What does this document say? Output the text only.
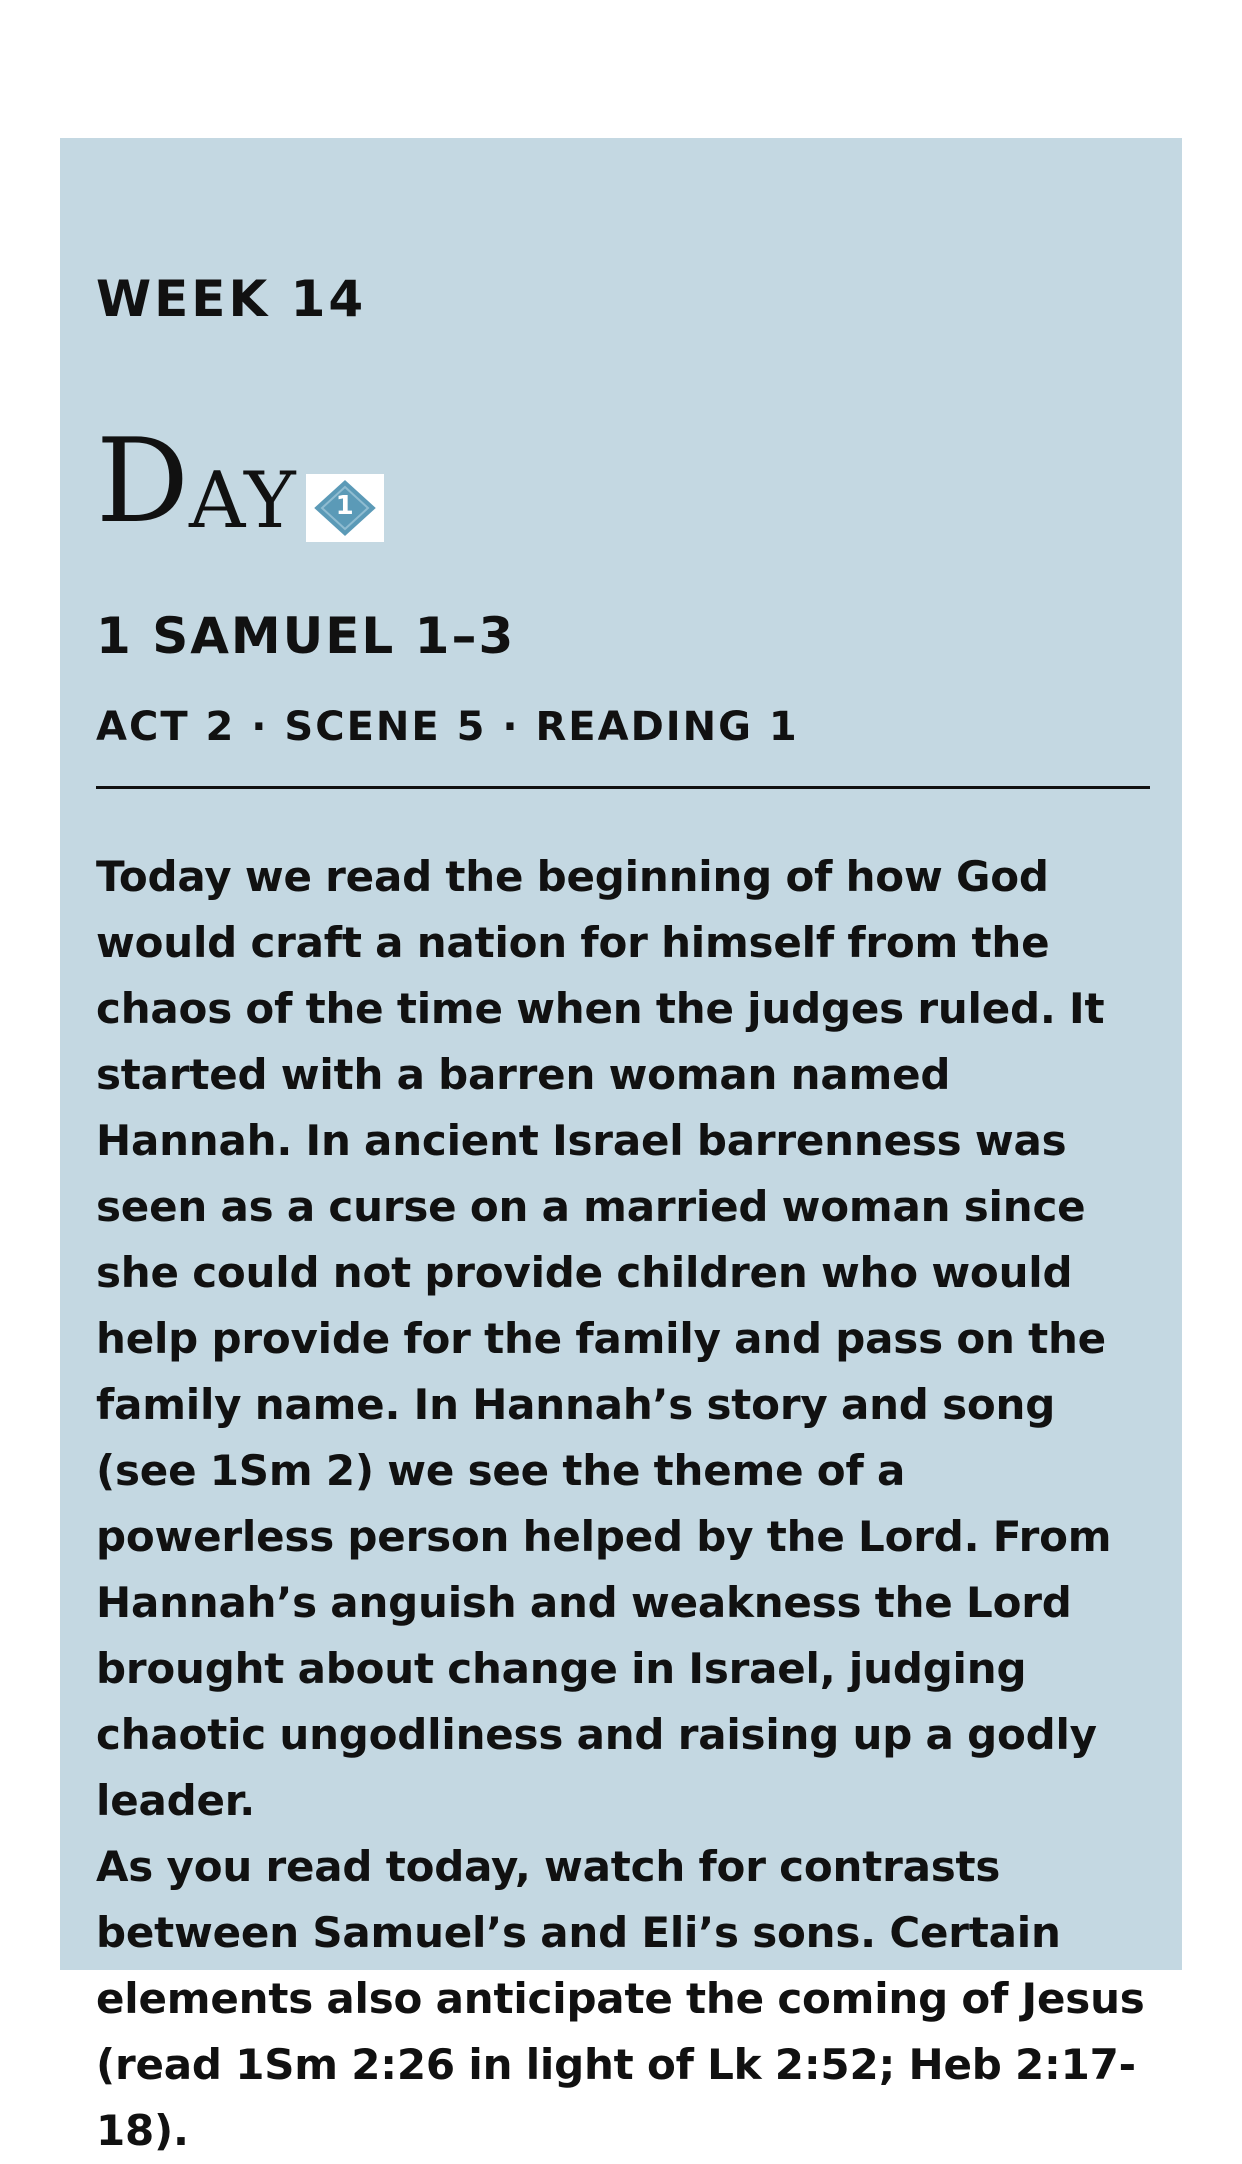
WEEK 14
D AY	1
1 SAMUEL 1–3
ACT 2 · SCENE 5 · READING 1

Today we read the beginning of how God would craft a nation for himself from the chaos of the time when the judges ruled. It started with a barren woman named Hannah. In ancient Israel barrenness was seen as a curse on a married woman since she could not provide children who would help provide for the family and pass on the family name. In Hannah’s story and song (see 1Sm 2) we see the theme of a powerless person helped by the Lord. From Hannah’s anguish and weakness the Lord brought about change in Israel, judging chaotic ungodliness and raising up a godly leader.

As you read today, watch for contrasts between Samuel’s and Eli’s sons. Certain elements also anticipate the coming of Jesus (read 1Sm 2:26 in light of Lk 2:52; Heb 2:17-18).
